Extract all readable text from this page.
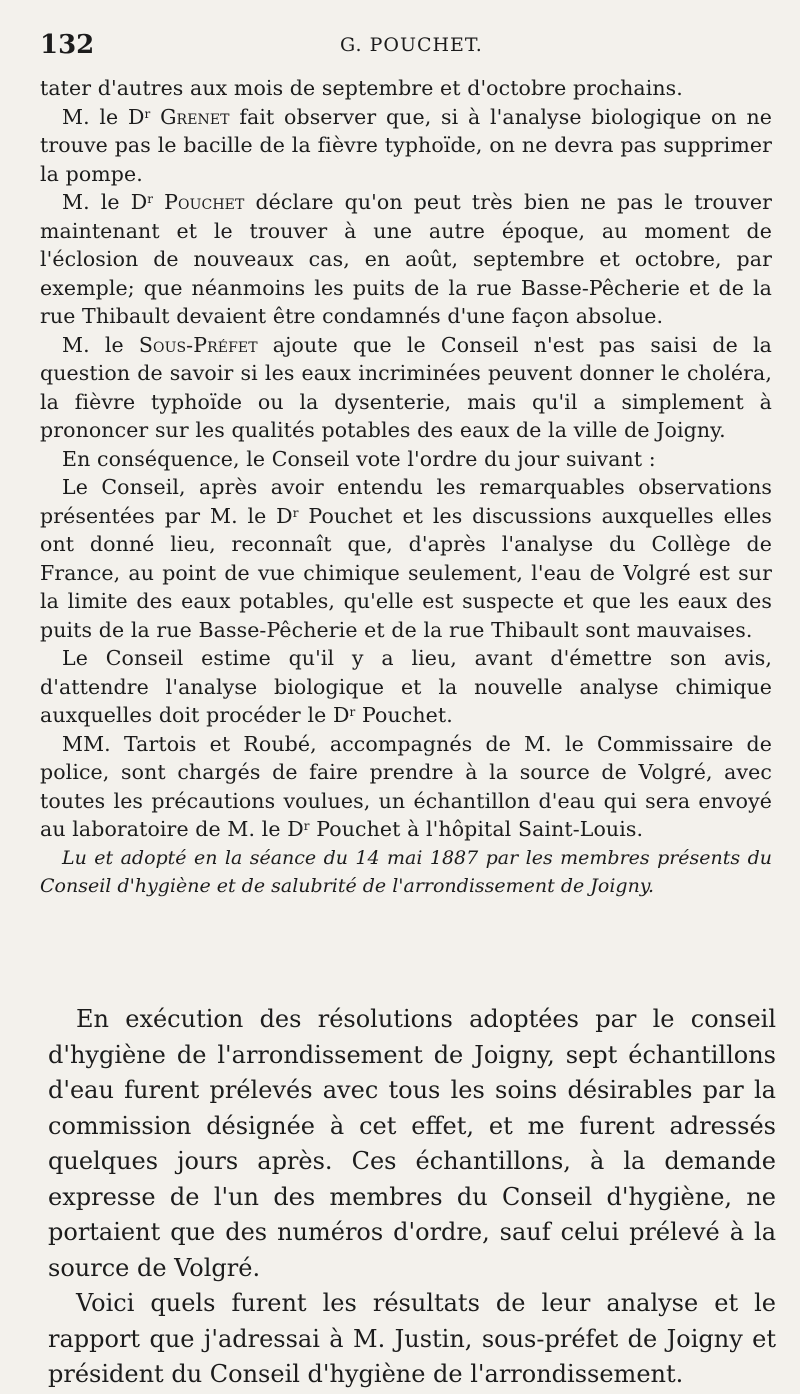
132	G. POUCHET.

tater d'autres aux mois de septembre et d'octobre prochains.

M. le $D^r$ Grenet fait observer que, si à l'analyse biologique on ne trouve pas le bacille de la fièvre typhoïde, on ne devra pas supprimer la pompe.

M. le $D^r$ Pouchet déclare qu'on peut très bien ne pas le trouver maintenant et le trouver à une autre époque, au moment de l'éclosion de nouveaux cas, en août, septembre et octobre, par exemple; que néanmoins les puits de la rue Basse-Pêcherie et de la rue Thibault devaient être condamnés d'une façon absolue.

M. le Sous-Préfet ajoute que le Conseil n'est pas saisi de la question de savoir si les eaux incriminées peuvent donner le choléra, la fièvre typhoïde ou la dysenterie, mais qu'il a simplement à prononcer sur les qualités potables des eaux de la ville de Joigny.

En conséquence, le Conseil vote l'ordre du jour suivant :

Le Conseil, après avoir entendu les remarquables observations présentées par M. le $D^r$ Pouchet et les discussions auxquelles elles ont donné lieu, reconnaît que, d'après l'analyse du Collège de France, au point de vue chimique seulement, l'eau de Volgré est sur la limite des eaux potables, qu'elle est suspecte et que les eaux des puits de la rue Basse-Pêcherie et de la rue Thibault sont mauvaises.

Le Conseil estime qu'il y a lieu, avant d'émettre son avis, d'attendre l'analyse biologique et la nouvelle analyse chimique auxquelles doit procéder le $D^r$ Pouchet.

MM. Tartois et Roubé, accompagnés de M. le Commissaire de police, sont chargés de faire prendre à la source de Volgré, avec toutes les précautions voulues, un échantillon d'eau qui sera envoyé au laboratoire de M. le $D^r$ Pouchet à l'hôpital Saint-Louis.

Lu et adopté en la séance du 14 mai 1887 par les membres présents du Conseil d'hygiène et de salubrité de l'arrondissement de Joigny.

En exécution des résolutions adoptées par le conseil d'hygiène de l'arrondissement de Joigny, sept échantillons d'eau furent prélevés avec tous les soins désirables par la commission désignée à cet effet, et me furent adressés quelques jours après. Ces échantillons, à la demande expresse de l'un des membres du Conseil d'hygiène, ne portaient que des numéros d'ordre, sauf celui prélevé à la source de Volgré.

Voici quels furent les résultats de leur analyse et le rapport que j'adressai à M. Justin, sous-préfet de Joigny et président du Conseil d'hygiène de l'arrondissement.
